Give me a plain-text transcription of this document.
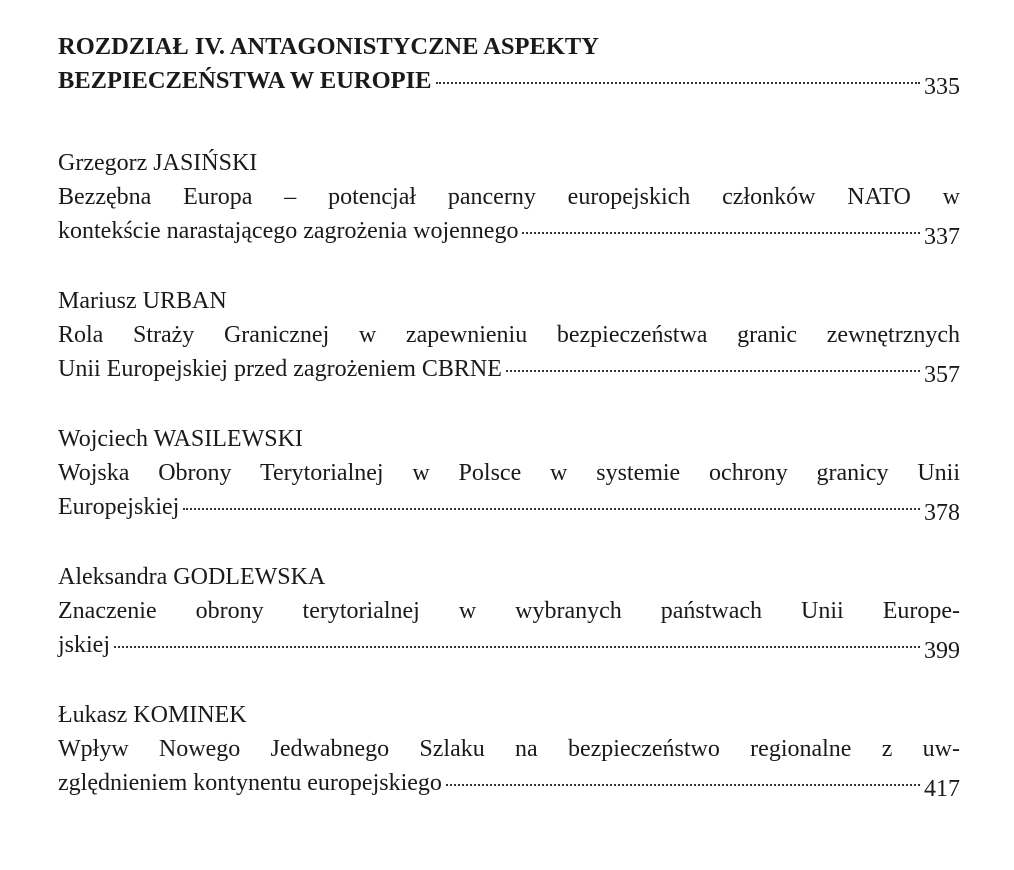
ROZDZIAŁ IV. ANTAGONISTYCZNE ASPEKTY
BEZPIECZEŃSTWA W EUROPIE	335
Grzegorz JASIŃSKI
Bezzębna Europa – potencjał pancerny europejskich członków NATO w
kontekście narastającego zagrożenia wojennego	337
Mariusz URBAN
Rola Straży Granicznej w zapewnieniu bezpieczeństwa granic zewnętrznych
Unii Europejskiej przed zagrożeniem CBRNE	357
Wojciech WASILEWSKI
Wojska Obrony Terytorialnej w Polsce w systemie ochrony granicy Unii
Europejskiej	378
Aleksandra GODLEWSKA
Znaczenie obrony terytorialnej w wybranych państwach Unii Europe-
jskiej	399
Łukasz KOMINEK
Wpływ Nowego Jedwabnego Szlaku na bezpieczeństwo regionalne z uw-
zględnieniem kontynentu europejskiego	417
